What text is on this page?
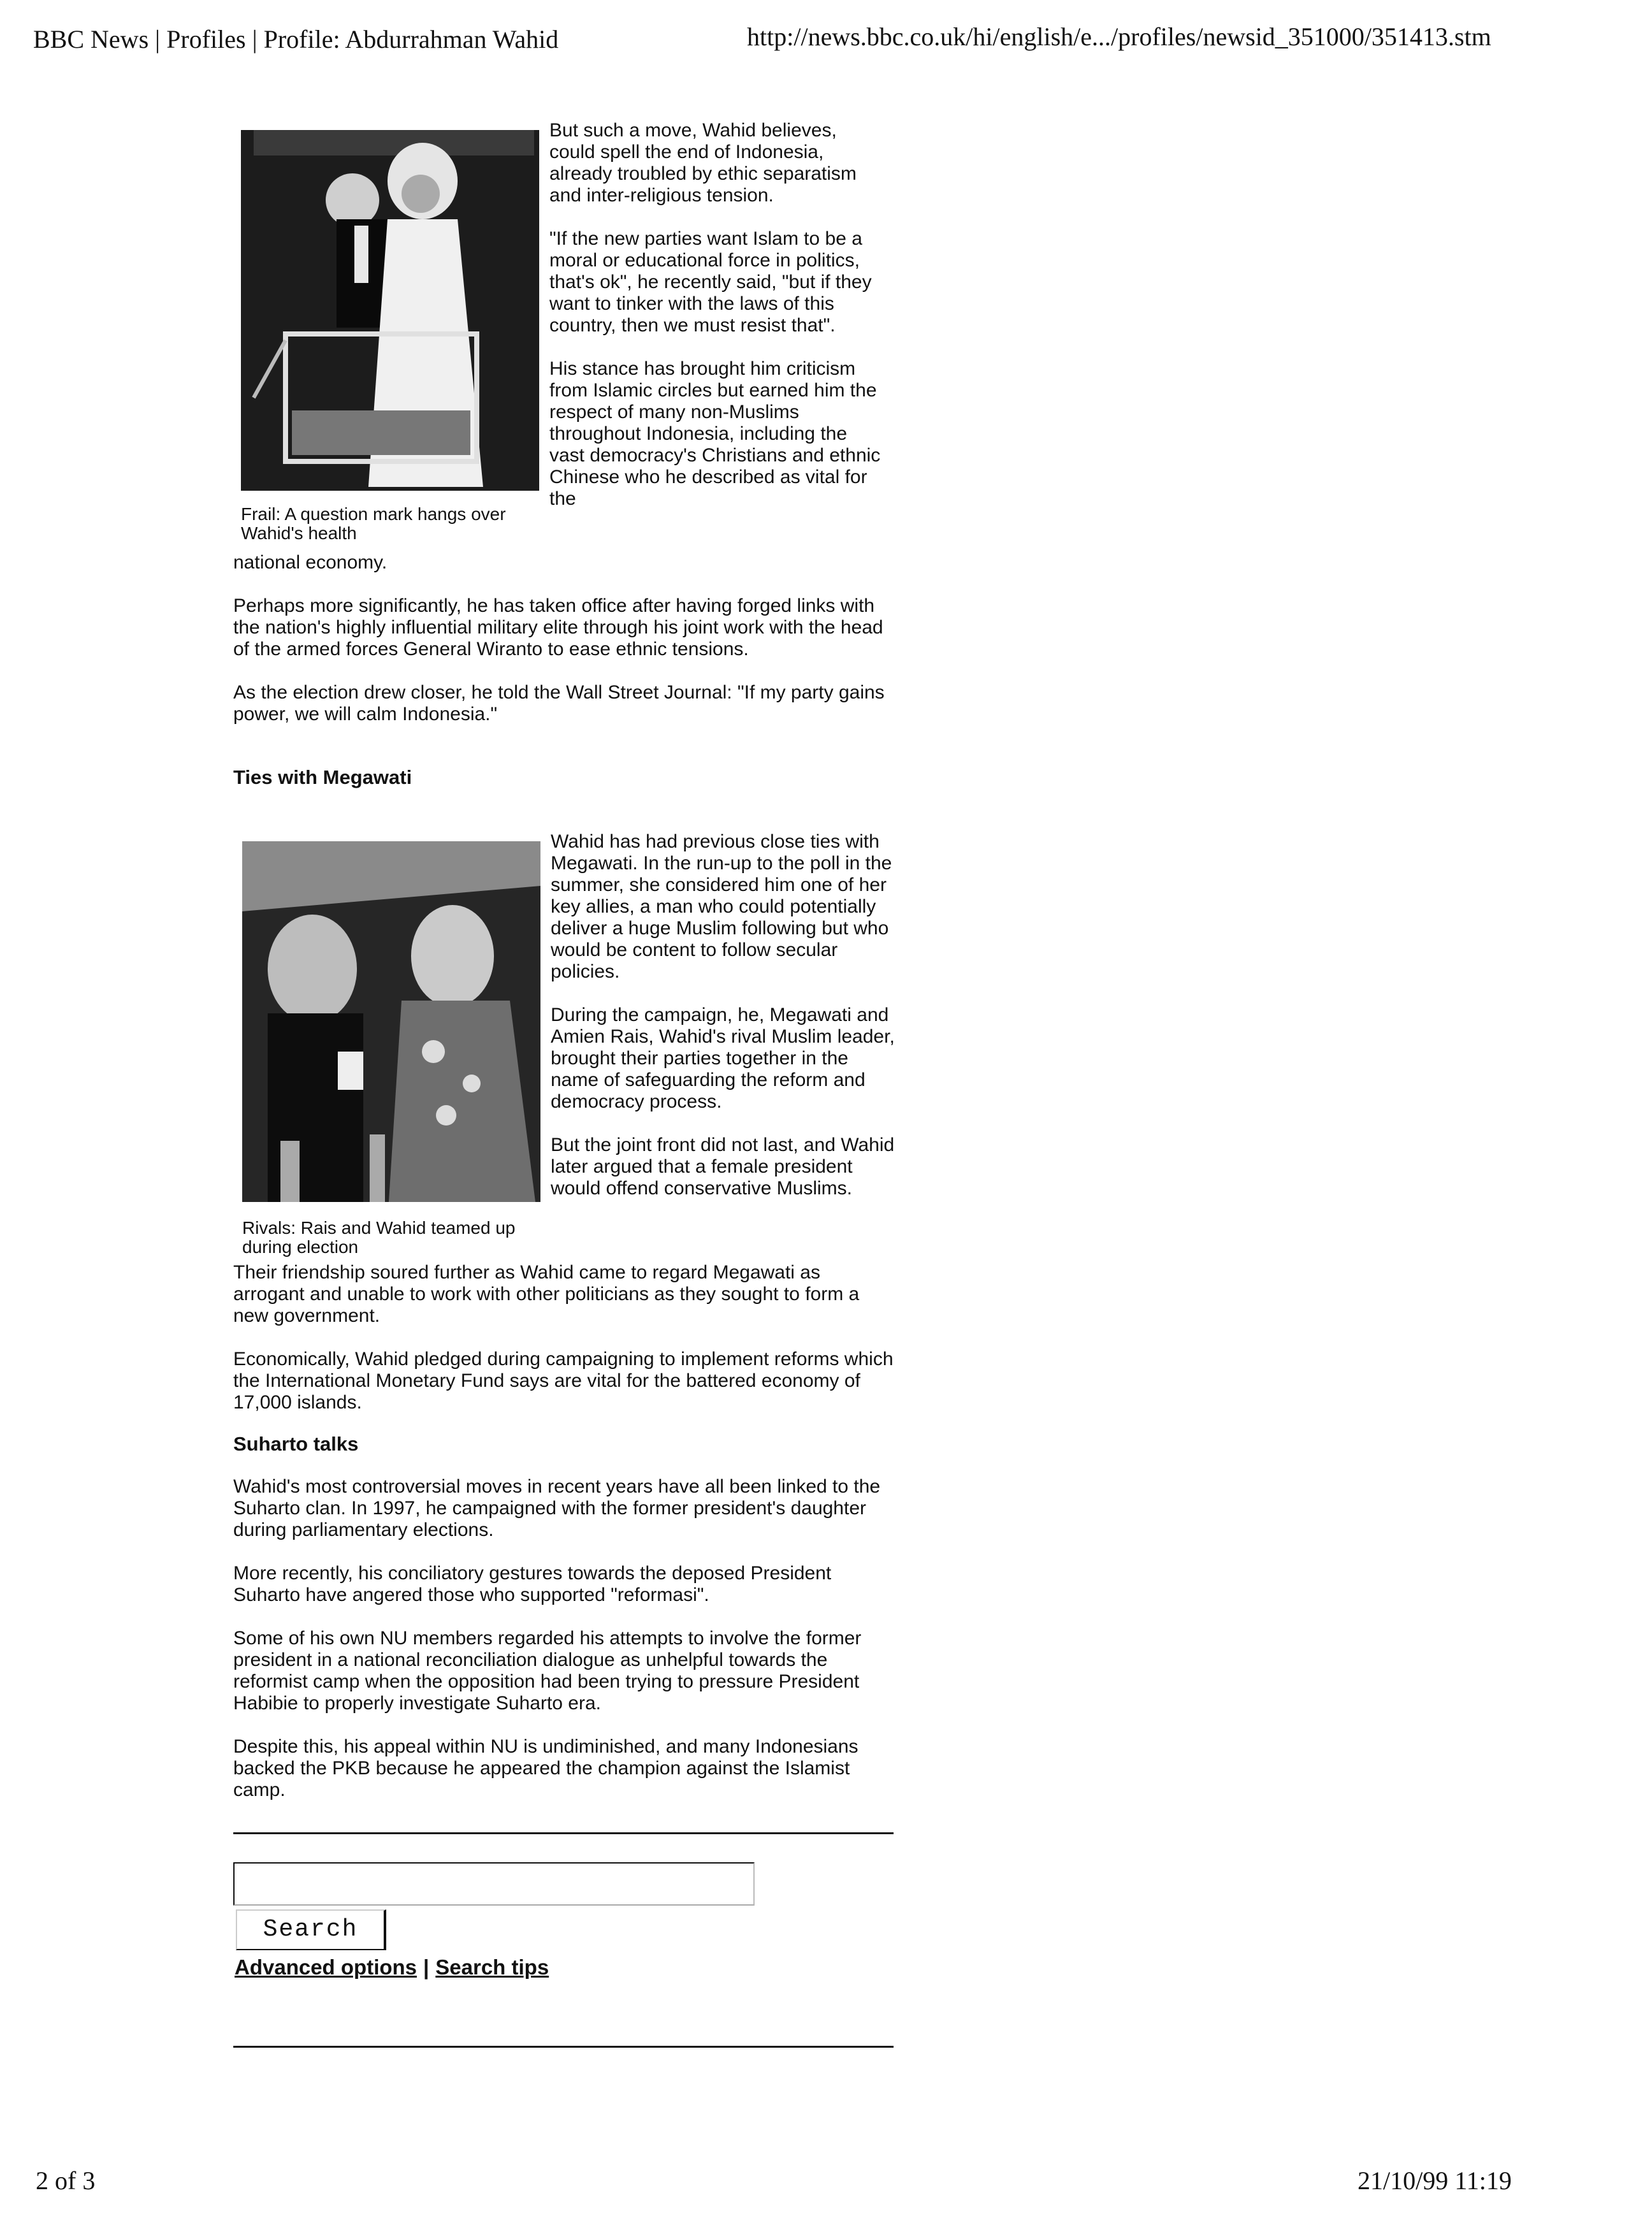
BBC News | Profiles | Profile: Abdurrahman Wahid	http://news.bbc.co.uk/hi/english/e.../profiles/newsid_351000/351413.stm

Frail: A question mark hangs over Wahid's health

But such a move, Wahid believes, could spell the end of Indonesia, already troubled by ethic separatism and inter-religious tension.

"If the new parties want Islam to be a moral or educational force in politics, that's ok", he recently said, "but if they want to tinker with the laws of this country, then we must resist that".

His stance has brought him criticism from Islamic circles but earned him the respect of many non-Muslims throughout Indonesia, including the vast democracy's Christians and ethnic Chinese who he described as vital for the

national economy.

Perhaps more significantly, he has taken office after having forged links with the nation's highly influential military elite through his joint work with the head of the armed forces General Wiranto to ease ethnic tensions.

As the election drew closer, he told the Wall Street Journal: "If my party gains power, we will calm Indonesia."

Ties with Megawati

Rivals: Rais and Wahid teamed up during election

Wahid has had previous close ties with Megawati. In the run-up to the poll in the summer, she considered him one of her key allies, a man who could potentially deliver a huge Muslim following but who would be content to follow secular policies.

During the campaign, he, Megawati and Amien Rais, Wahid's rival Muslim leader, brought their parties together in the name of safeguarding the reform and democracy process.

But the joint front did not last, and Wahid later argued that a female president would offend conservative Muslims.

Their friendship soured further as Wahid came to regard Megawati as arrogant and unable to work with other politicians as they sought to form a new government.

Economically, Wahid pledged during campaigning to implement reforms which the International Monetary Fund says are vital for the battered economy of 17,000 islands.

Suharto talks

Wahid's most controversial moves in recent years have all been linked to the Suharto clan. In 1997, he campaigned with the former president's daughter during parliamentary elections.

More recently, his conciliatory gestures towards the deposed President Suharto have angered those who supported "reformasi".

Some of his own NU members regarded his attempts to involve the former president in a national reconciliation dialogue as unhelpful towards the reformist camp when the opposition had been trying to pressure President Habibie to properly investigate Suharto era.

Despite this, his appeal within NU is undiminished, and many Indonesians backed the PKB because he appeared the champion against the Islamist camp.

Search
Advanced options | Search tips
2 of 3	21/10/99 11:19
